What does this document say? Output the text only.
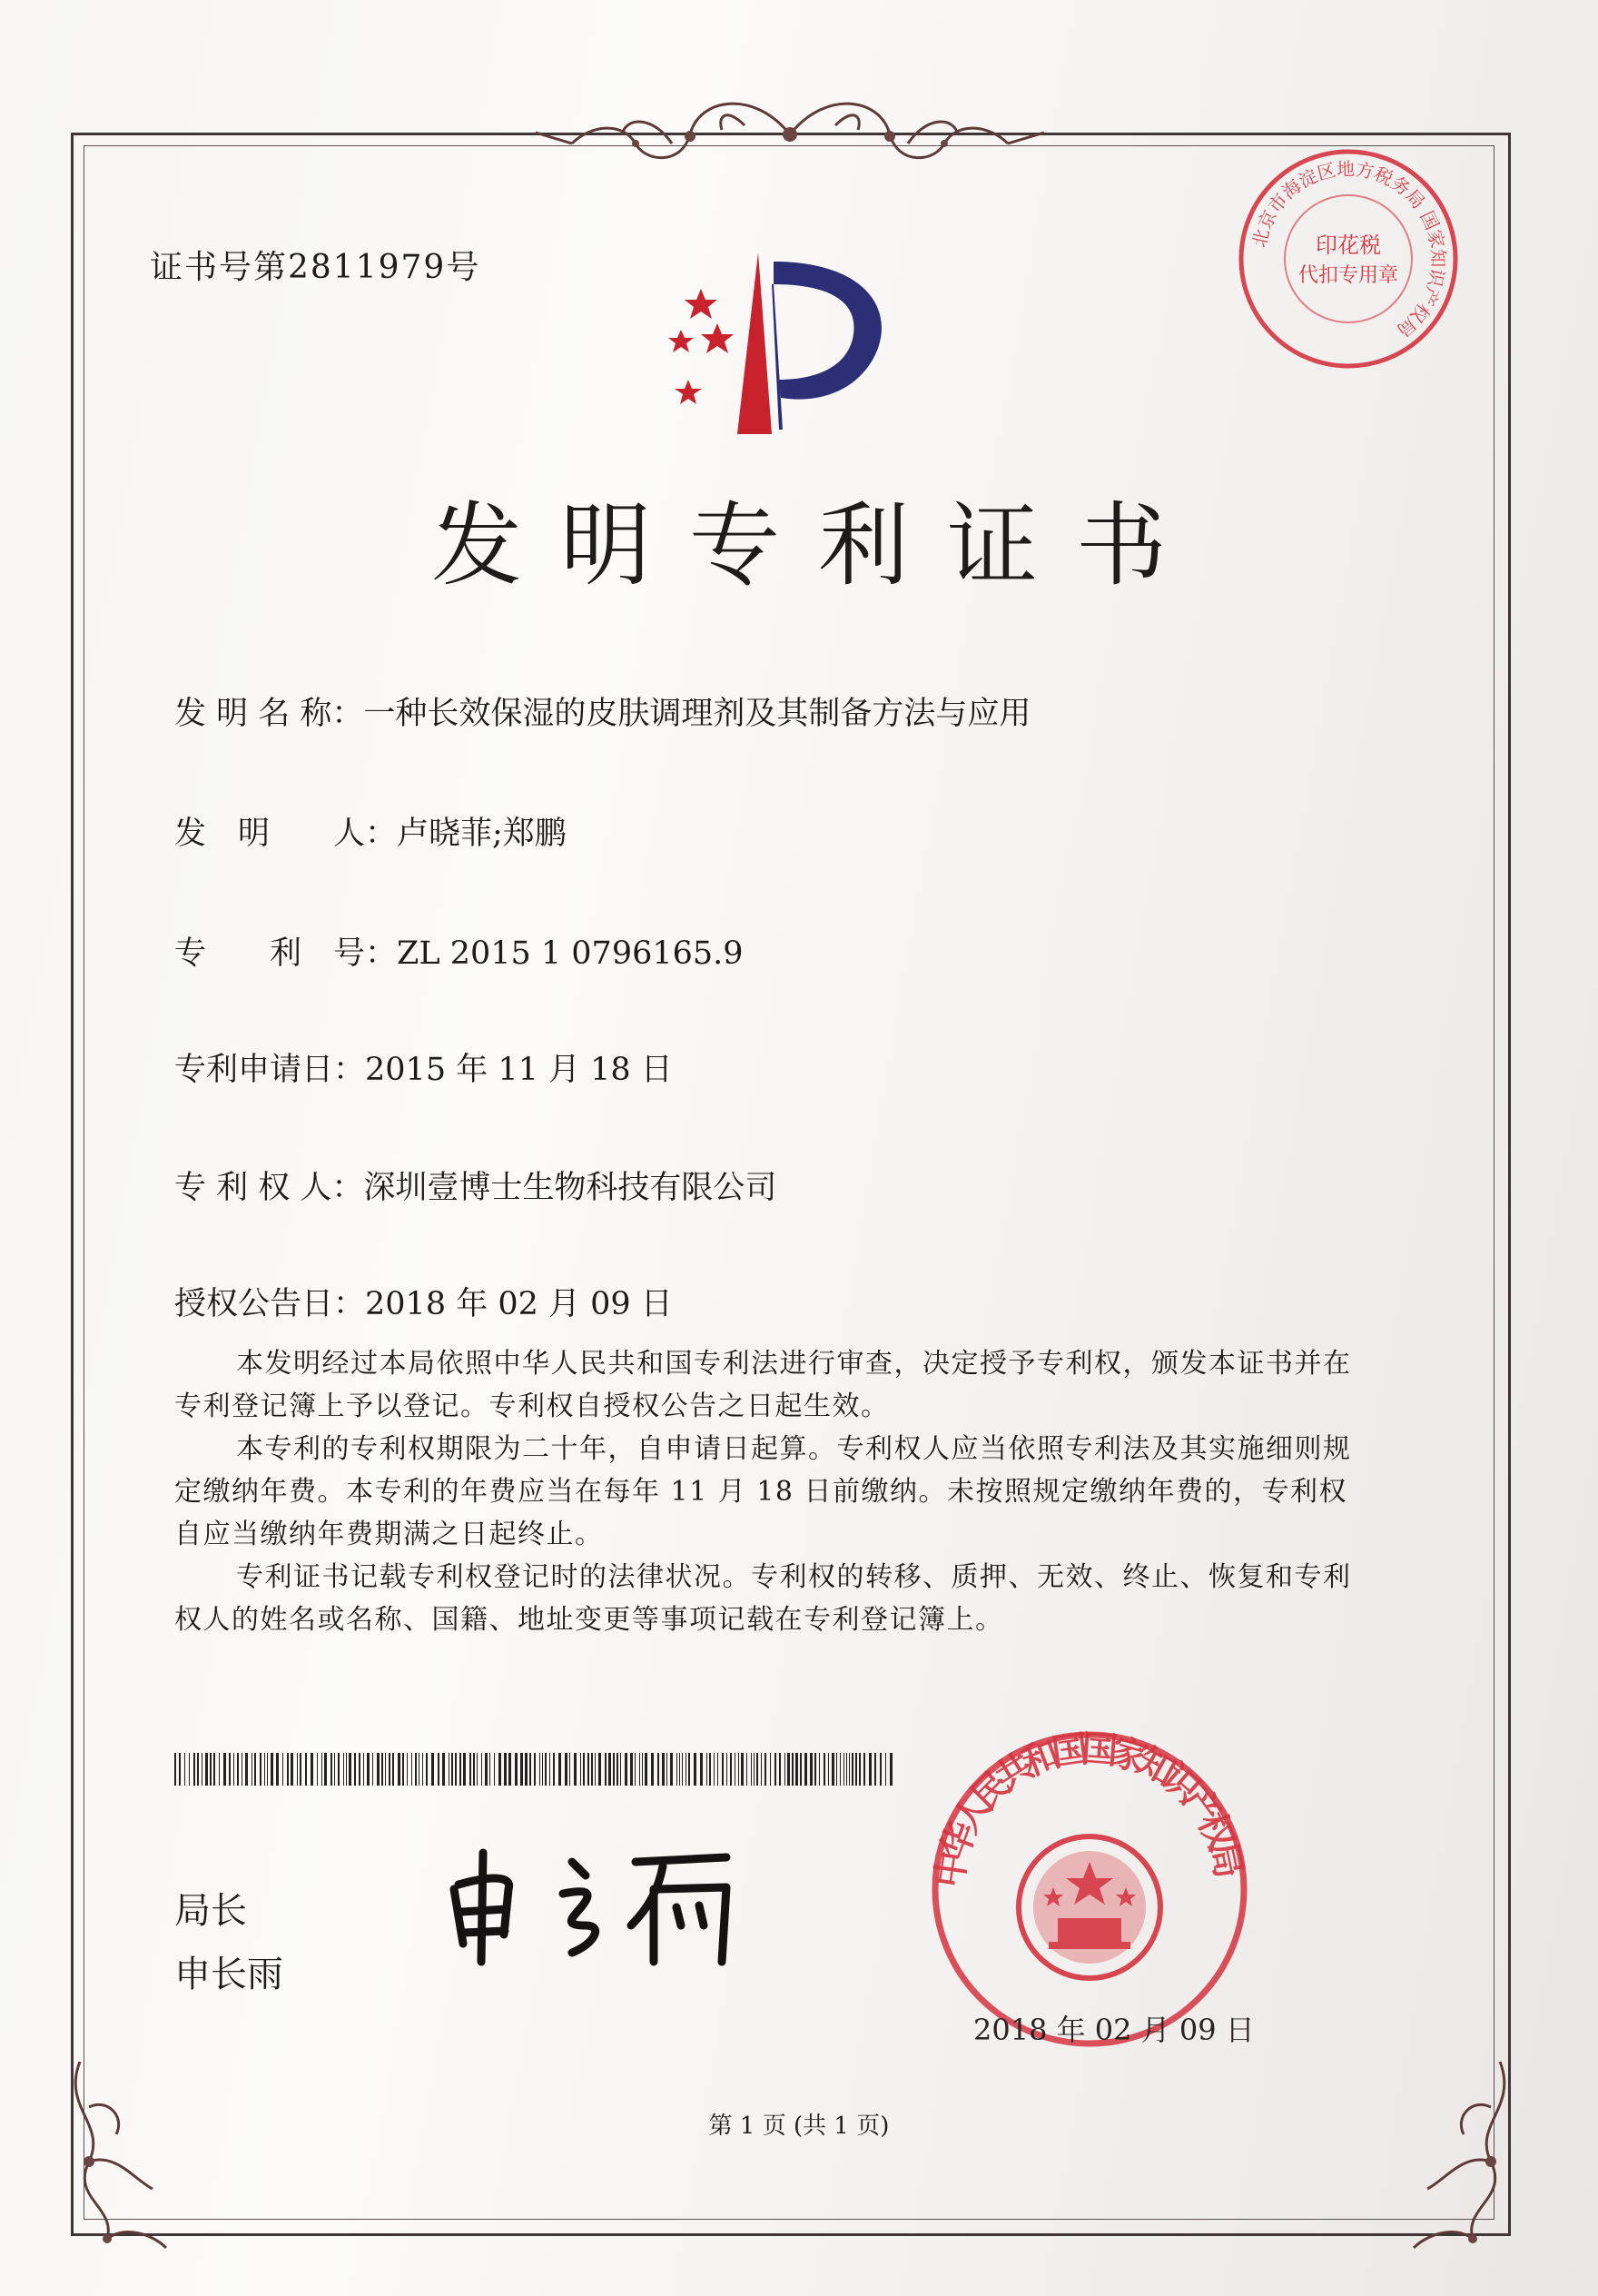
证书号第2811979号
北京市海淀区地方税务局 国家知识产权局
印花税
代扣专用章
发明专利证书
发 明 名 称：一种长效保湿的皮肤调理剂及其制备方法与应用
发　明　　人：卢晓菲;郑鹏
专　　利　号：ZL 2015 1 0796165.9
专利申请日：2015 年 11 月 18 日
专 利 权 人：深圳壹博士生物科技有限公司
授权公告日：2018 年 02 月 09 日

本发明经过本局依照中华人民共和国专利法进行审查，决定授予专利权，颁发本证书并在专利登记簿上予以登记。专利权自授权公告之日起生效。

本专利的专利权期限为二十年，自申请日起算。专利权人应当依照专利法及其实施细则规定缴纳年费。本专利的年费应当在每年 11 月 18 日前缴纳。未按照规定缴纳年费的，专利权自应当缴纳年费期满之日起终止。

专利证书记载专利权登记时的法律状况。专利权的转移、质押、无效、终止、恢复和专利权人的姓名或名称、国籍、地址变更等事项记载在专利登记簿上。

局长
申长雨
中华人民共和国国家知识产权局
2018 年 02 月 09 日
第 1 页 (共 1 页)
